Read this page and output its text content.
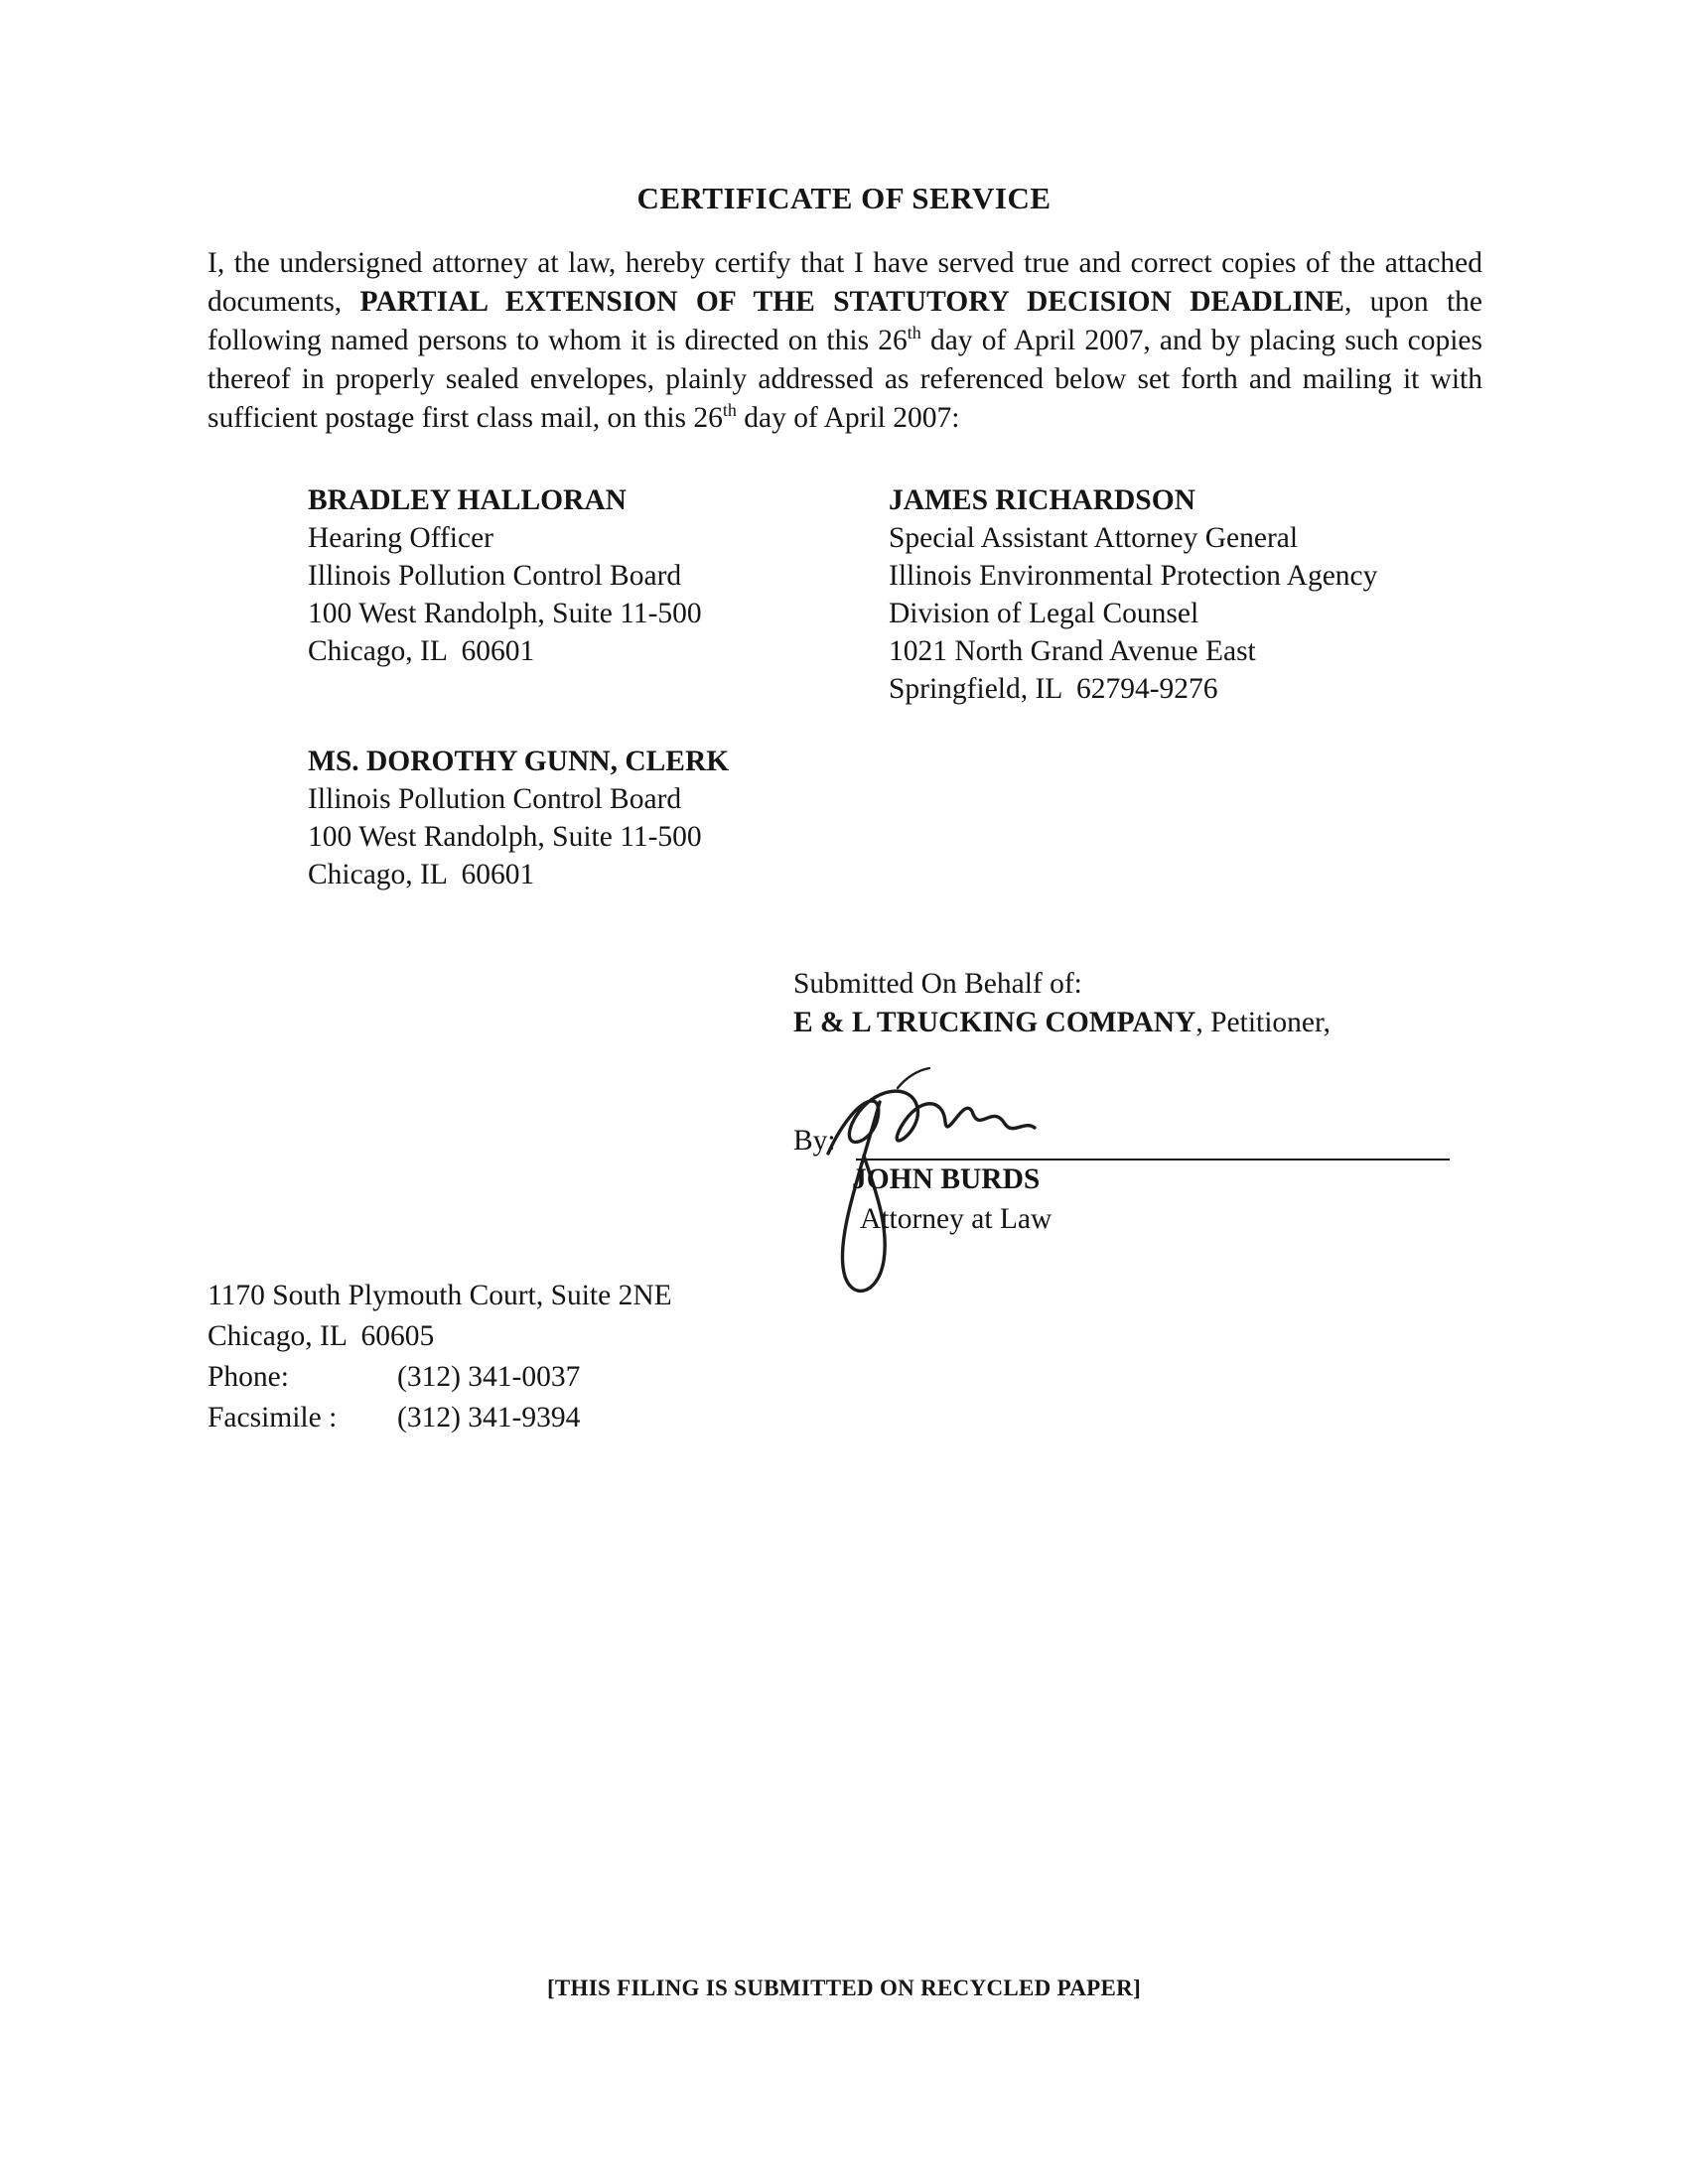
CERTIFICATE OF SERVICE

I, the undersigned attorney at law, hereby certify that I have served true and correct copies of the attached documents, PARTIAL EXTENSION OF THE STATUTORY DECISION DEADLINE, upon the following named persons to whom it is directed on this 26th day of April 2007, and by placing such copies thereof in properly sealed envelopes, plainly addressed as referenced below set forth and mailing it with sufficient postage first class mail, on this 26th day of April 2007:

BRADLEY HALLORAN
Hearing Officer
Illinois Pollution Control Board
100 West Randolph, Suite 11-500
Chicago, IL  60601
JAMES RICHARDSON
Special Assistant Attorney General
Illinois Environmental Protection Agency
Division of Legal Counsel
1021 North Grand Avenue East
Springfield, IL  62794-9276
MS. DOROTHY GUNN, CLERK
Illinois Pollution Control Board
100 West Randolph, Suite 11-500
Chicago, IL  60601
Submitted On Behalf of:
E & L TRUCKING COMPANY, Petitioner,
By:
JOHN BURDS
Attorney at Law
1170 South Plymouth Court, Suite 2NE
Chicago, IL  60605
Phone:	(312) 341-0037
Facsimile :	(312) 341-9394
[THIS FILING IS SUBMITTED ON RECYCLED PAPER]
